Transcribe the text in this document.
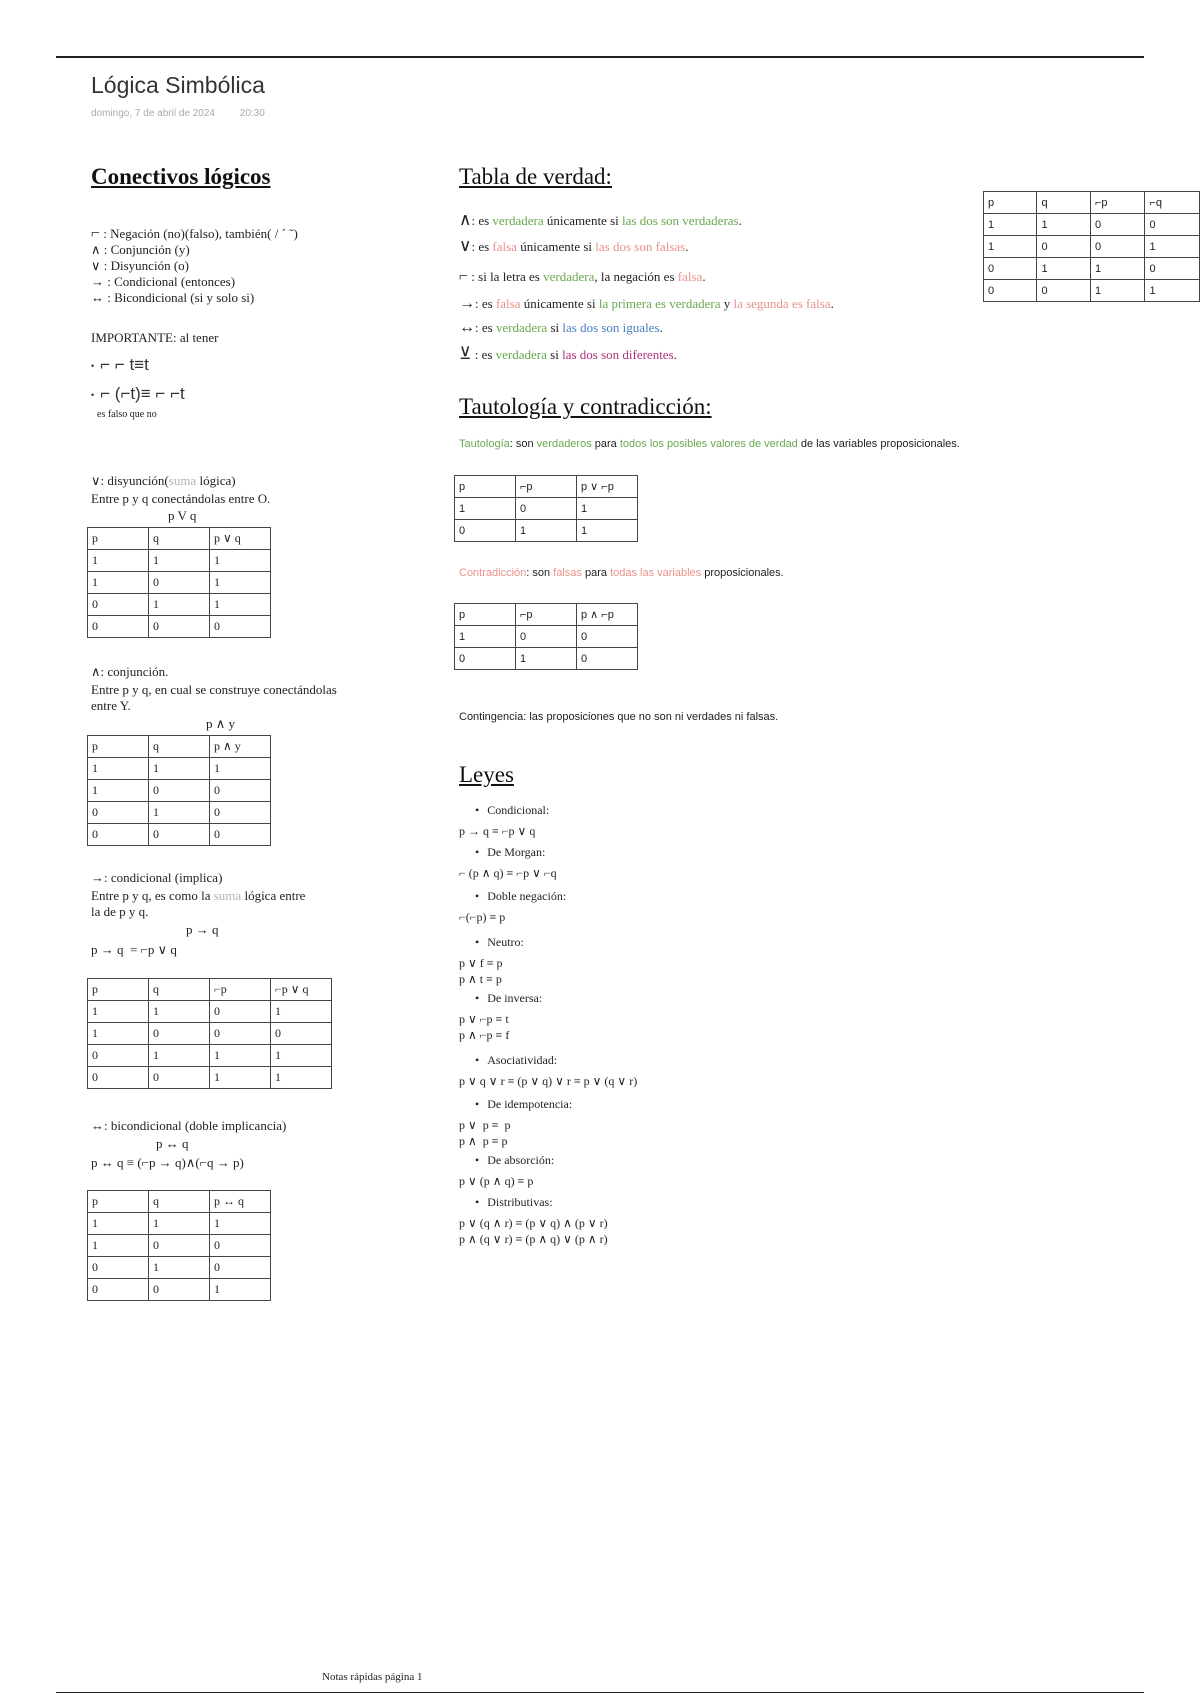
Lógica Simbólica
domingo, 7 de abril de 2024 20:30
Conectivos lógicos
⌐ : Negación (no)(falso), también( / ´ ˜)
∧ : Conjunción (y)
∨ : Disyunción (o)
→ : Condicional (entonces)
↔ : Bicondicional (si y solo si)
IMPORTANTE: al tener
• ⌐ ⌐ t≡t
• ⌐ (⌐t)≡ ⌐ ⌐t
es falso que no
∨: disyunción(suma lógica)
Entre p y q conectándolas entre O.
p V q
p	q	p ∨ q
1	1	1
1	0	1
0	1	1
0	0	0
∧: conjunción.
Entre p y q, en cual se construye conectándolas
entre Y.
p ∧ y
p	q	p ∧ y
1	1	1
1	0	0
0	1	0
0	0	0
→: condicional (implica)
Entre p y q, es como la suma lógica entre
la de p y q.
p → q
p → q  = ⌐p ∨ q
p	q	⌐p	⌐p ∨ q
1	1	0	1
1	0	0	0
0	1	1	1
0	0	1	1
↔: bicondicional (doble implicancia)
p ↔ q
p ↔ q ≡ (⌐p → q)∧(⌐q → p)
p	q	p ↔ q
1	1	1
1	0	0
0	1	0
0	0	1
Tabla de verdad:
∧: es verdadera únicamente si las dos son verdaderas.
∨: es falsa únicamente si las dos son falsas.
⌐ : si la letra es verdadera, la negación es falsa.
→: es falsa únicamente si la primera es verdadera y la segunda es falsa.
↔: es verdadera si las dos son iguales.
⊻ : es verdadera si las dos son diferentes.
p	q	⌐p	⌐q
1	1	0	0
1	0	0	1
0	1	1	0
0	0	1	1
Tautología y contradicción:
Tautología: son verdaderos para todos los posibles valores de verdad de las variables proposicionales.
p	⌐p	p ∨ ⌐p
1	0	1
0	1	1
Contradicción: son falsas para todas las variables proposicionales.
p	⌐p	p ∧ ⌐p
1	0	0
0	1	0
Contingencia: las proposiciones que no son ni verdades ni falsas.
Leyes
• Condicional:
p → q ≡ ⌐p ∨ q
• De Morgan:
⌐ (p ∧ q) ≡ ⌐p ∨ ⌐q
• Doble negación:
⌐(⌐p) ≡ p
• Neutro:
p ∨ f ≡ p
p ∧ t ≡ p
• De inversa:
p ∨ ⌐p ≡ t
p ∧ ⌐p ≡ f
• Asociatividad:
p ∨ q ∨ r ≡ (p ∨ q) ∨ r ≡ p ∨ (q ∨ r)
• De idempotencia:
p ∨  p ≡  p
p ∧  p ≡ p
• De absorción:
p ∨ (p ∧ q) ≡ p
• Distributivas:
p ∨ (q ∧ r) ≡ (p ∨ q) ∧ (p ∨ r)
p ∧ (q ∨ r) ≡ (p ∧ q) ∨ (p ∧ r)
Notas rápidas página 1
